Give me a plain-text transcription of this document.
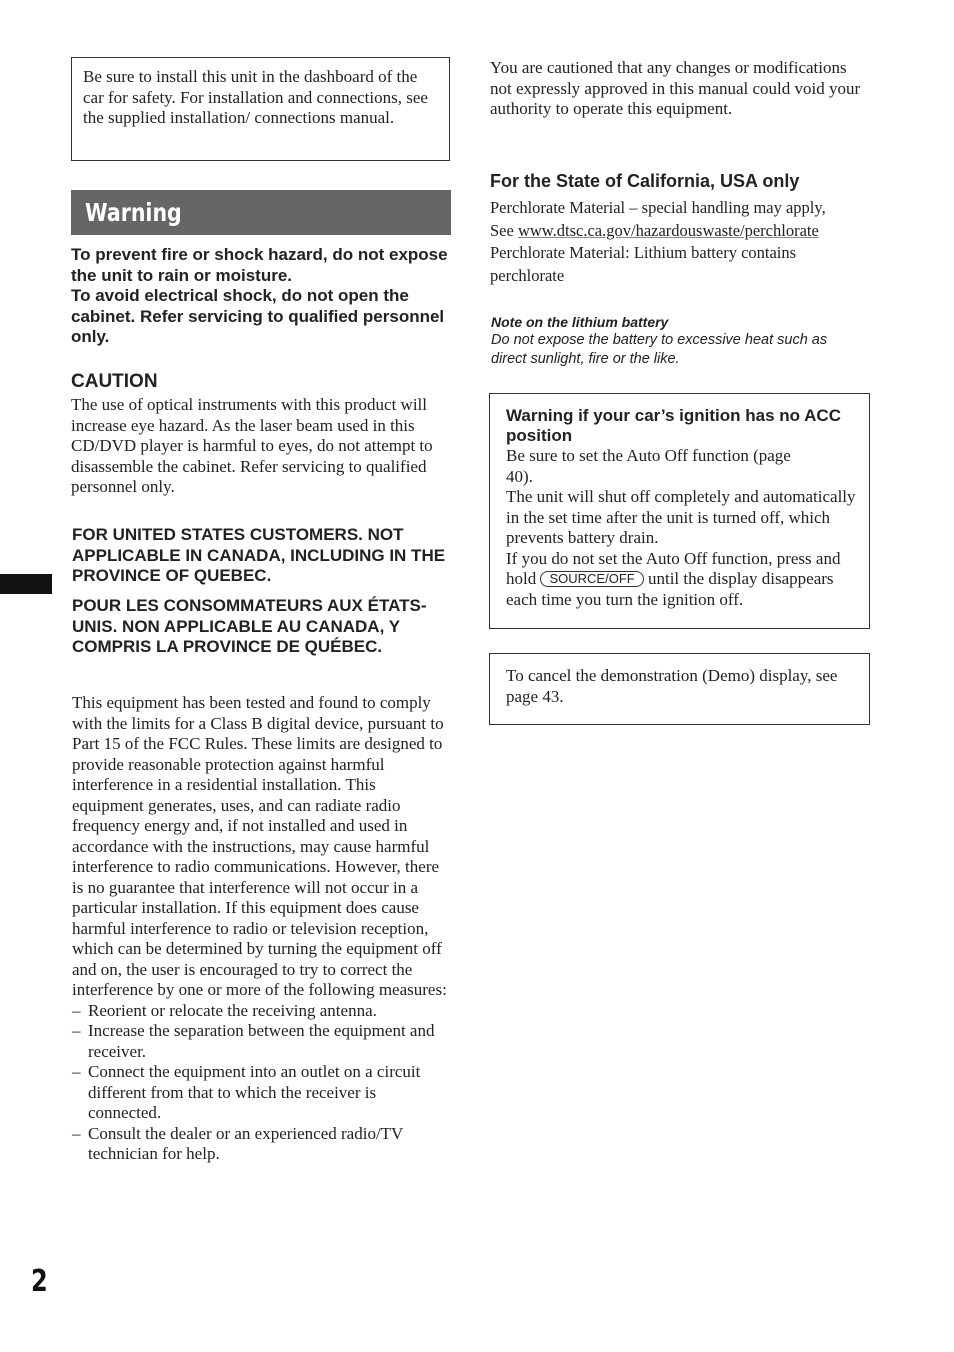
Be sure to install this unit in the dashboard of the car for safety. For installation and connections, see the supplied installation/ connections manual.

Warning

To prevent fire or shock hazard, do not expose the unit to rain or moisture.

To avoid electrical shock, do not open the cabinet. Refer servicing to qualified personnel only.

CAUTION

The use of optical instruments with this product will increase eye hazard. As the laser beam used in this CD/DVD player is harmful to eyes, do not attempt to disassemble the cabinet. Refer servicing to qualified personnel only.

FOR UNITED STATES CUSTOMERS. NOT APPLICABLE IN CANADA, INCLUDING IN THE PROVINCE OF QUEBEC.

POUR LES CONSOMMATEURS AUX ÉTATS-UNIS. NON APPLICABLE AU CANADA, Y COMPRIS LA PROVINCE DE QUÉBEC.

This equipment has been tested and found to comply with the limits for a Class B digital device, pursuant to Part 15 of the FCC Rules. These limits are designed to provide reasonable protection against harmful interference in a residential installation. This equipment generates, uses, and can radiate radio frequency energy and, if not installed and used in accordance with the instructions, may cause harmful interference to radio communications. However, there is no guarantee that interference will not occur in a particular installation. If this equipment does cause harmful interference to radio or television reception, which can be determined by turning the equipment off and on, the user is encouraged to try to correct the interference by one or more of the following measures:

– Reorient or relocate the receiving antenna.
– Increase the separation between the equipment and receiver.
– Connect the equipment into an outlet on a circuit different from that to which the receiver is connected.
– Consult the dealer or an experienced radio/TV technician for help.
2

You are cautioned that any changes or modifications not expressly approved in this manual could void your authority to operate this equipment.

For the State of California, USA only
Perchlorate Material – special handling may apply,
See www.dtsc.ca.gov/hazardouswaste/perchlorate
Perchlorate Material: Lithium battery contains perchlorate
Note on the lithium battery
Do not expose the battery to excessive heat such as direct sunlight, fire or the like.
Warning if your car’s ignition has no ACC position

Be sure to set the Auto Off function (page 40).

The unit will shut off completely and automatically in the set time after the unit is turned off, which prevents battery drain.

If you do not set the Auto Off function, press and hold SOURCE/OFF until the display disappears each time you turn the ignition off.

To cancel the demonstration (Demo) display, see page 43.
